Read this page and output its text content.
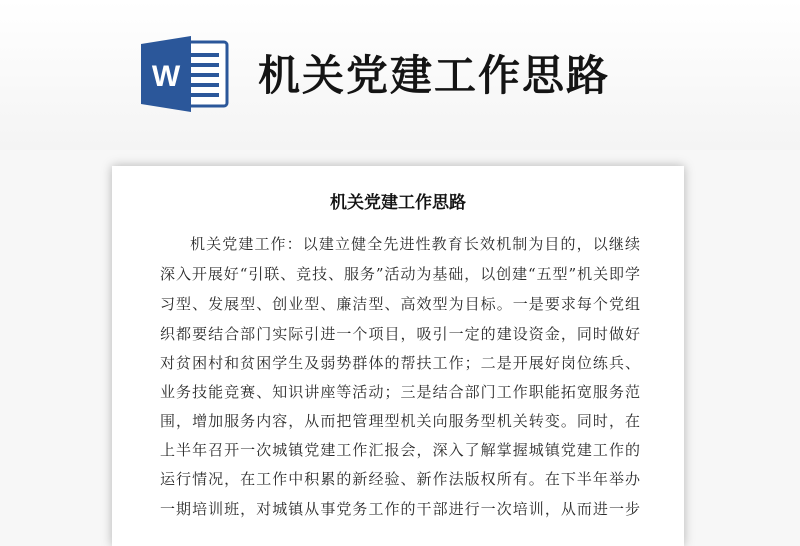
W 机关党建工作思路
机关党建工作思路
机关党建工作：以建立健全先进性教育长效机制为目的，以继续
深入开展好“引联、竞技、服务”活动为基础，以创建“五型”机关即学
习型、发展型、创业型、廉洁型、高效型为目标。一是要求每个党组
织都要结合部门实际引进一个项目，吸引一定的建设资金，同时做好
对贫困村和贫困学生及弱势群体的帮扶工作；二是开展好岗位练兵、
业务技能竞赛、知识讲座等活动；三是结合部门工作职能拓宽服务范
围，增加服务内容，从而把管理型机关向服务型机关转变。同时，在
上半年召开一次城镇党建工作汇报会，深入了解掌握城镇党建工作的
运行情况，在工作中积累的新经验、新作法版权所有。在下半年举办
一期培训班，对城镇从事党务工作的干部进行一次培训，从而进一步
